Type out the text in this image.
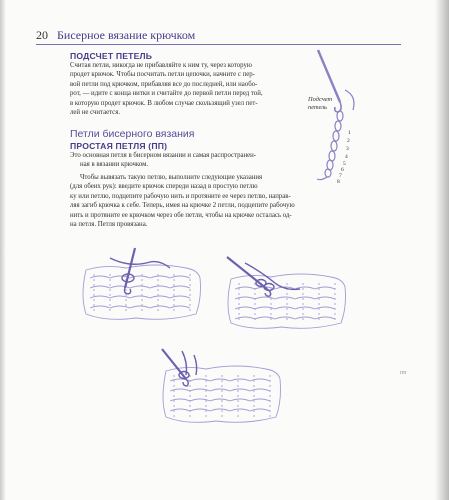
20 Бисерное вязание крючком
ПОДСЧЕТ ПЕТЕЛЬ

Считая петли, никогда не прибавляйте к ним ту, через которую

продет крючок. Чтобы посчитать петли цепочки, начните с пер-

вой петли под крючком, прибавляя все до последней, или наобо-

рот, — идите с конца нитки и считайте до первой петли перед той,

в которую продет крючок. В любом случае скользящий узел пет-

лей не считается.

Подсчет
петель
1
2
3
4
5
6
7
8
Петли бисерного вязания
ПРОСТАЯ ПЕТЛЯ (ПП)

Это основная петля в бисерном вязании и самая распространен-

ная в вязании крючком.

Чтобы вывязать такую петлю, выполните следующие указания

(для обеих рук): введите крючок спереди назад в простую петлю

ку или петлю, подцепите рабочую нить и протяните ее через петлю, направ-

ляя загиб крючка к себе. Теперь, имея на крючке 2 петли, подцепите рабочую

нить и протяните ее крючком через обе петли, чтобы на крючке осталась од-

на петля. Петля провязана.

ПП
